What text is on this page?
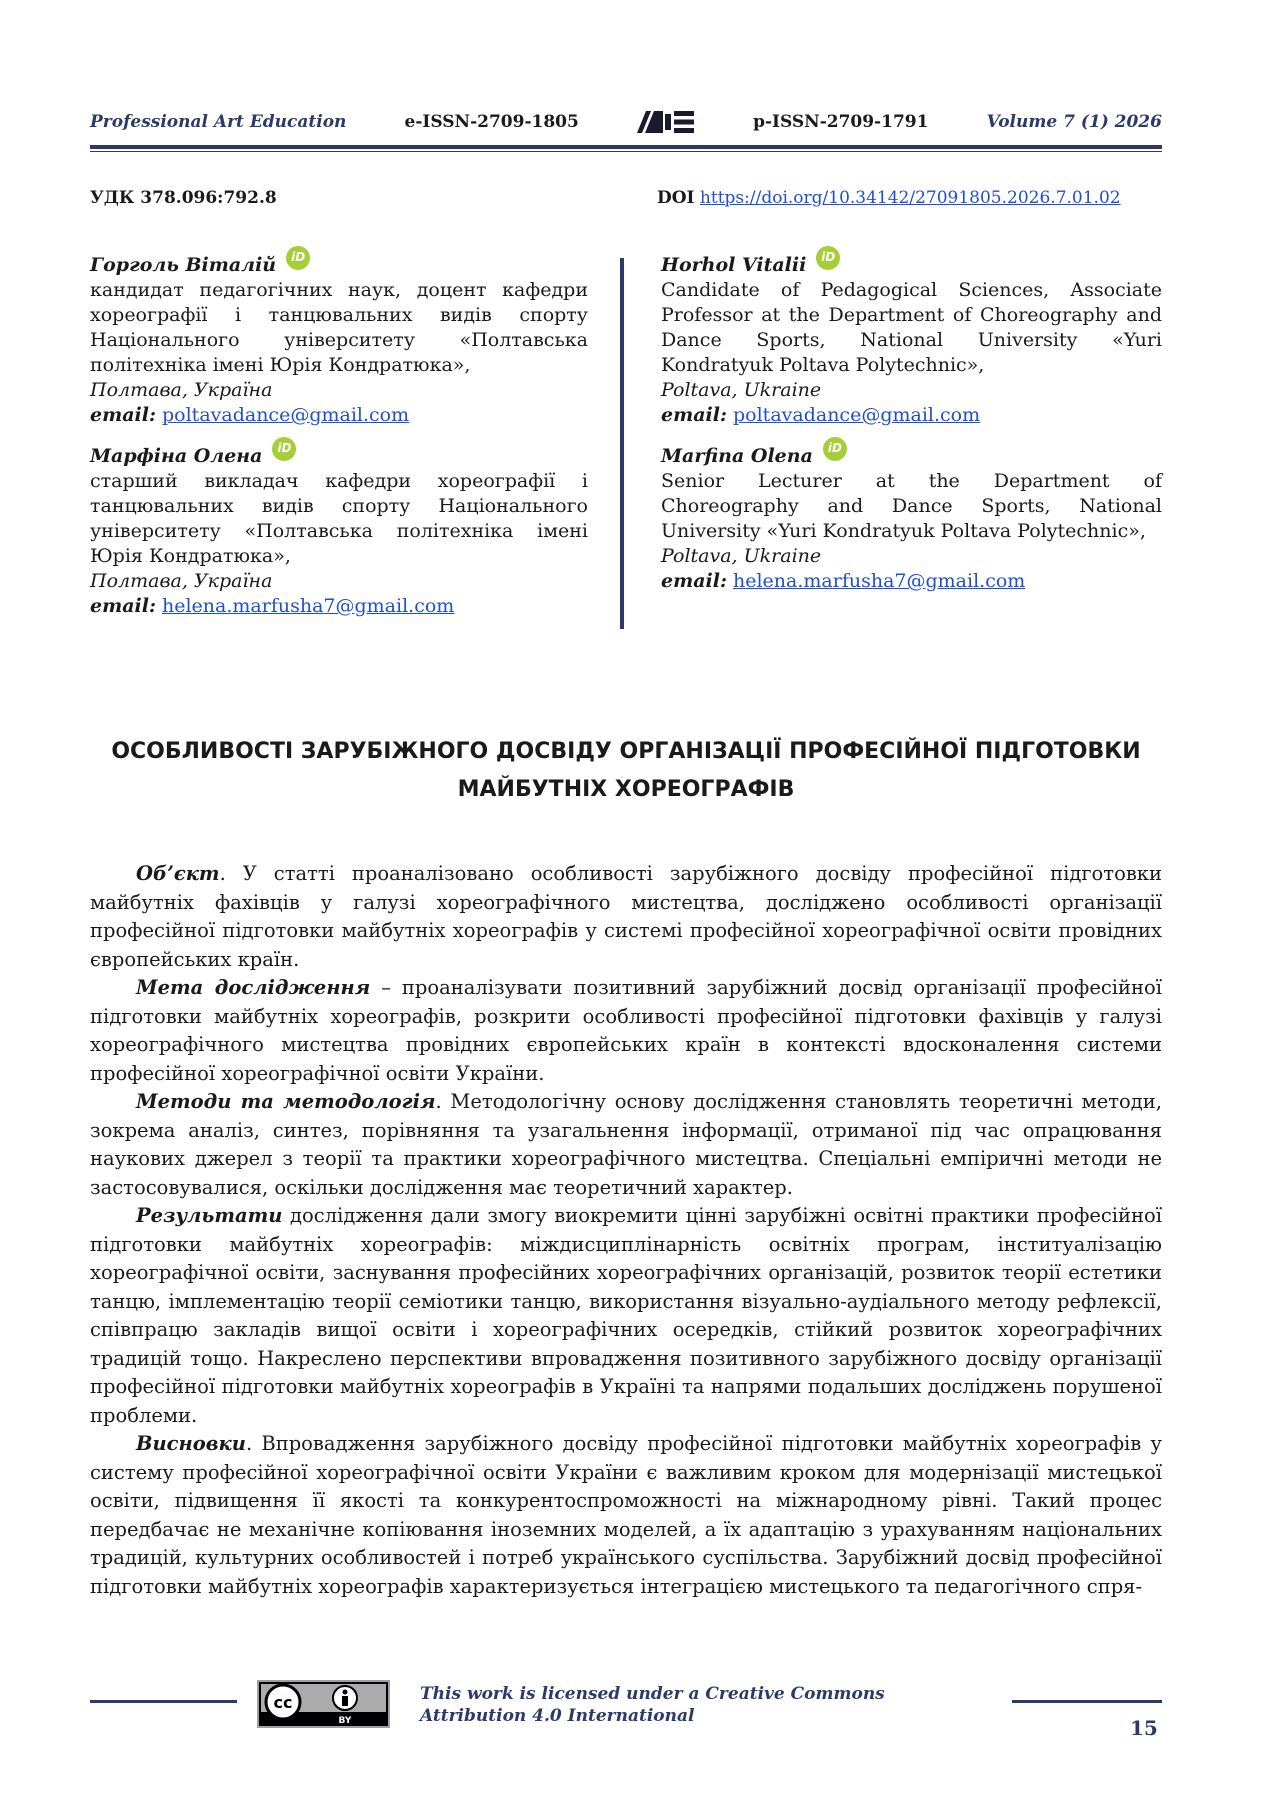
Professional Art Education	e-ISSN-2709-1805	p-ISSN-2709-1791	Volume 7 (1) 2026
УДК 378.096:792.8	DOI https://doi.org/10.34142/27091805.2026.7.01.02
Горголь Віталій	iD
кандидат педагогічних наук, доцент кафедри хореографії і танцювальних видів спорту Національного університету «Полтавська політехніка імені Юрія Кондратюка»,
Полтава, Україна
email: poltavadance@gmail.com
Марфіна Олена	iD
старший викладач кафедри хореографії і танцювальних видів спорту Національного університету «Полтавська політехніка імені Юрія Кондратюка»,
Полтава, Україна
email: helena.marfusha7@gmail.com
Horhol Vitalii	iD
Candidate of Pedagogical Sciences, Associate Professor at the Department of Choreography and Dance Sports, National University «Yuri Kondratyuk Poltava Polytechnic»,
Poltava, Ukraine
email: poltavadance@gmail.com
Marfina Olena	iD
Senior Lecturer at the Department of Choreography and Dance Sports, National University «Yuri Kondratyuk Poltava Polytechnic»,
Poltava, Ukraine
email: helena.marfusha7@gmail.com
ОСОБЛИВОСТІ ЗАРУБІЖНОГО ДОСВІДУ ОРГАНІЗАЦІЇ ПРОФЕСІЙНОЇ ПІДГОТОВКИ МАЙБУТНІХ ХОРЕОГРАФІВ

Об’єкт. У статті проаналізовано особливості зарубіжного досвіду професійної підготовки майбутніх фахівців у галузі хореографічного мистецтва, досліджено особливості організації професійної підготовки майбутніх хореографів у системі професійної хореографічної освіти провідних європейських країн.

Мета дослідження – проаналізувати позитивний зарубіжний досвід організації професійної підготовки майбутніх хореографів, розкрити особливості професійної підготовки фахівців у галузі хореографічного мистецтва провідних європейських країн в контексті вдосконалення системи професійної хореографічної освіти України.

Методи та методологія. Методологічну основу дослідження становлять теоретичні методи, зокрема аналіз, синтез, порівняння та узагальнення інформації, отриманої під час опрацювання наукових джерел з теорії та практики хореографічного мистецтва. Спеціальні емпіричні методи не застосовувалися, оскільки дослідження має теоретичний характер.

Результати дослідження дали змогу виокремити цінні зарубіжні освітні практики професійної підготовки майбутніх хореографів: міждисциплінарність освітніх програм, інституалізацію хореографічної освіти, заснування професійних хореографічних організацій, розвиток теорії естетики танцю, імплементацію теорії семіотики танцю, використання візуально-аудіального методу рефлексії, співпрацю закладів вищої освіти і хореографічних осередків, стійкий розвиток хореографічних традицій тощо. Накреслено перспективи впровадження позитивного зарубіжного досвіду організації професійної підготовки майбутніх хореографів в Україні та напрями подальших досліджень порушеної проблеми.

Висновки. Впровадження зарубіжного досвіду професійної підготовки майбутніх хореографів у систему професійної хореографічної освіти України є важливим кроком для модернізації мистецької освіти, підвищення її якості та конкурентоспроможності на міжнародному рівні. Такий процес передбачає не механічне копіювання іноземних моделей, а їх адаптацію з урахуванням національних традицій, культурних особливостей і потреб українського суспільства. Зарубіжний досвід професійної підготовки майбутніх хореографів характеризується інтеграцією мистецького та педагогічного спря-

cc
BY
This work is licensed under a Creative Commons Attribution 4.0 International	15
